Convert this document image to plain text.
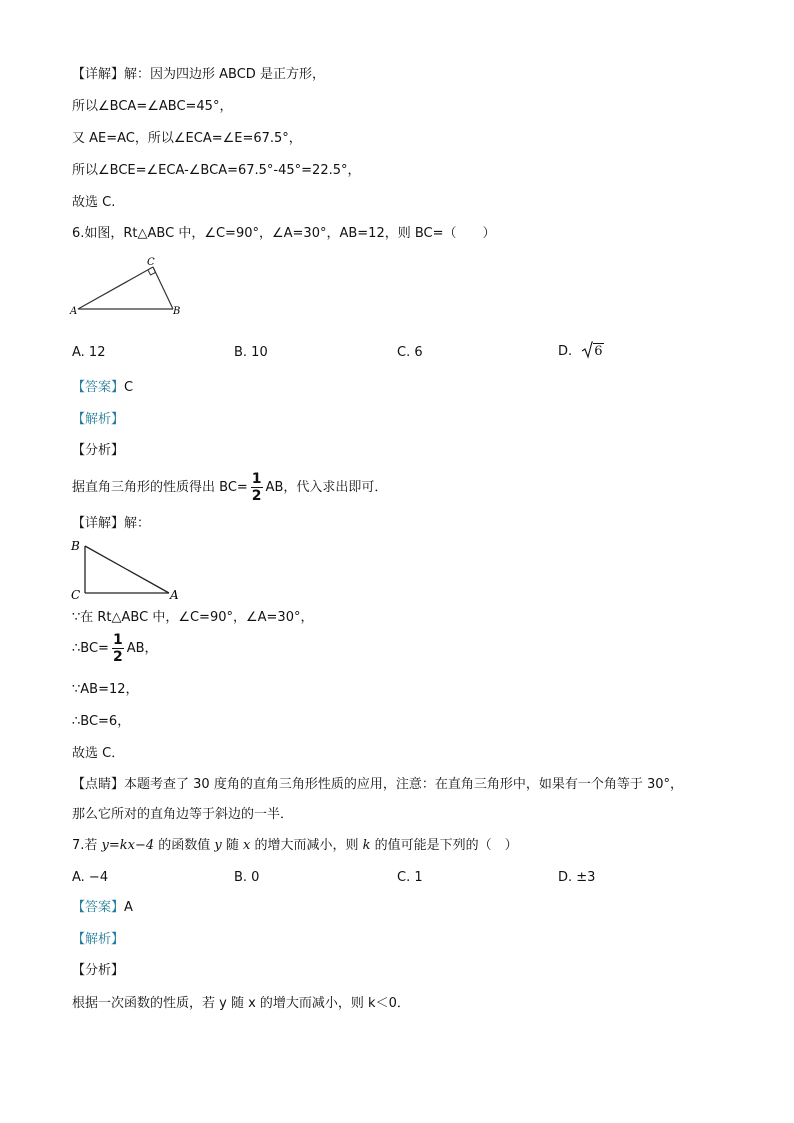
【详解】解：因为四边形 ABCD 是正方形，
所以∠BCA=∠ABC=45°，
又 AE=AC，所以∠ECA=∠E=67.5°，
所以∠BCE=∠ECA-∠BCA=67.5°-45°=22.5°，
故选 C.
6.如图，Rt△ABC 中，∠C=90°，∠A=30°，AB=12，则 BC=（　　）
A	B
C
A. 12	B. 10	C. 6	D. 6
【答案】C
【解析】
【分析】
据直角三角形的性质得出 $BC= \frac{1}{2}$ AB，代入求出即可．
【详解】解：
B
C	A
∵在 Rt△ABC 中，∠C=90°，∠A=30°，
∴BC= $\frac{1}{2}$ AB，
∵AB=12，
∴BC=6，
故选 C．
【点睛】本题考查了 30 度角的直角三角形性质的应用，注意：在直角三角形中，如果有一个角等于 30°，
那么它所对的直角边等于斜边的一半．
7.若 y=kx−4 的函数值 y 随 x 的增大而减小，则 k 的值可能是下列的（　）
A. −4	B. 0	C. 1	D. ±3
【答案】A
【解析】
【分析】
根据一次函数的性质，若 y 随 x 的增大而减小，则 k＜0．
